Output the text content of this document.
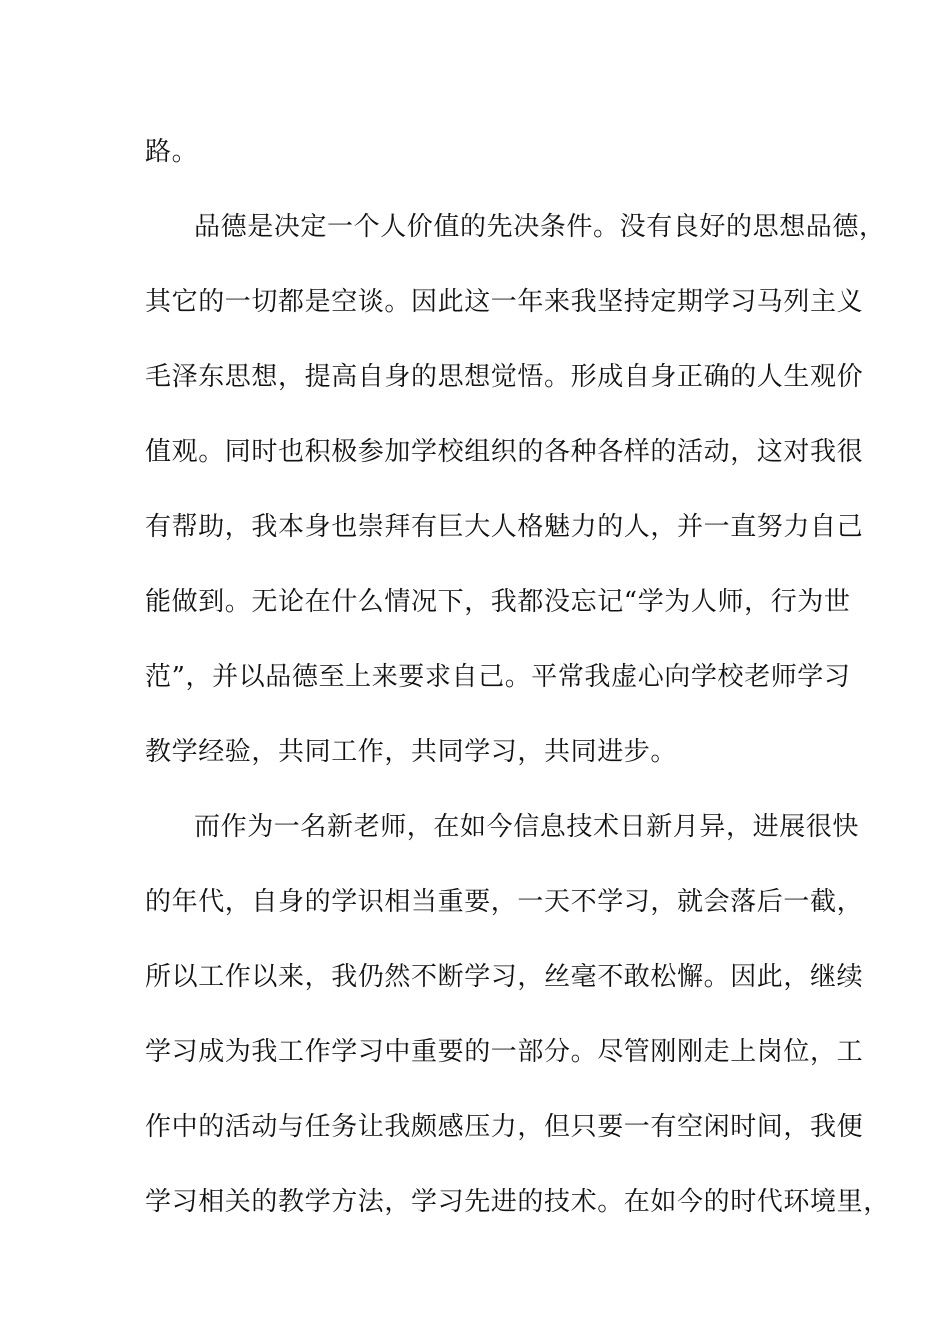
路。
品德是决定一个人价值的先决条件。没有良好的思想品德，
其它的一切都是空谈。因此这一年来我坚持定期学习马列主义
毛泽东思想，提高自身的思想觉悟。形成自身正确的人生观价
值观。同时也积极参加学校组织的各种各样的活动，这对我很
有帮助，我本身也崇拜有巨大人格魅力的人，并一直努力自己
能做到。无论在什么情况下，我都没忘记“学为人师，行为世
范”，并以品德至上来要求自己。平常我虚心向学校老师学习
教学经验，共同工作，共同学习，共同进步。
而作为一名新老师，在如今信息技术日新月异，进展很快
的年代，自身的学识相当重要，一天不学习，就会落后一截，
所以工作以来，我仍然不断学习，丝毫不敢松懈。因此，继续
学习成为我工作学习中重要的一部分。尽管刚刚走上岗位，工
作中的活动与任务让我颇感压力，但只要一有空闲时间，我便
学习相关的教学方法，学习先进的技术。在如今的时代环境里，
